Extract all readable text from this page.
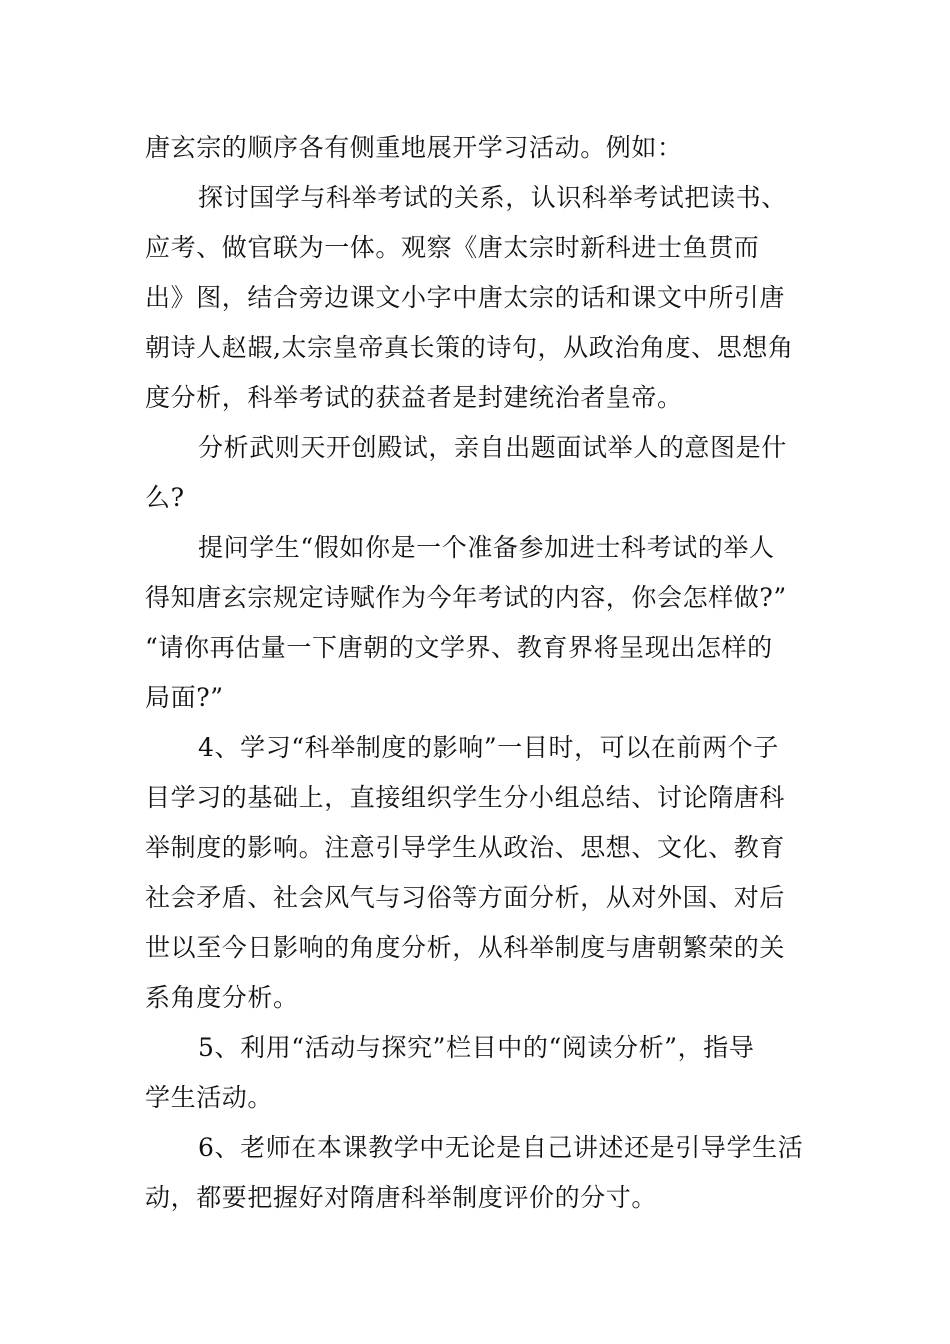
唐玄宗的顺序各有侧重地展开学习活动。例如：
探讨国学与科举考试的关系，认识科举考试把读书、
应考、做官联为一体。观察《唐太宗时新科进士鱼贯而
出》图，结合旁边课文小字中唐太宗的话和课文中所引唐
朝诗人赵嘏,太宗皇帝真长策的诗句，从政治角度、思想角
度分析，科举考试的获益者是封建统治者皇帝。
分析武则天开创殿试，亲自出题面试举人的意图是什
么?
提问学生“假如你是一个准备参加进士科考试的举人
得知唐玄宗规定诗赋作为今年考试的内容，你会怎样做?”
“请你再估量一下唐朝的文学界、教育界将呈现出怎样的
局面?”
4、学习“科举制度的影响”一目时，可以在前两个子
目学习的基础上，直接组织学生分小组总结、讨论隋唐科
举制度的影响。注意引导学生从政治、思想、文化、教育
社会矛盾、社会风气与习俗等方面分析，从对外国、对后
世以至今日影响的角度分析，从科举制度与唐朝繁荣的关
系角度分析。
5、利用“活动与探究”栏目中的“阅读分析”，指导
学生活动。
6、老师在本课教学中无论是自己讲述还是引导学生活
动，都要把握好对隋唐科举制度评价的分寸。
